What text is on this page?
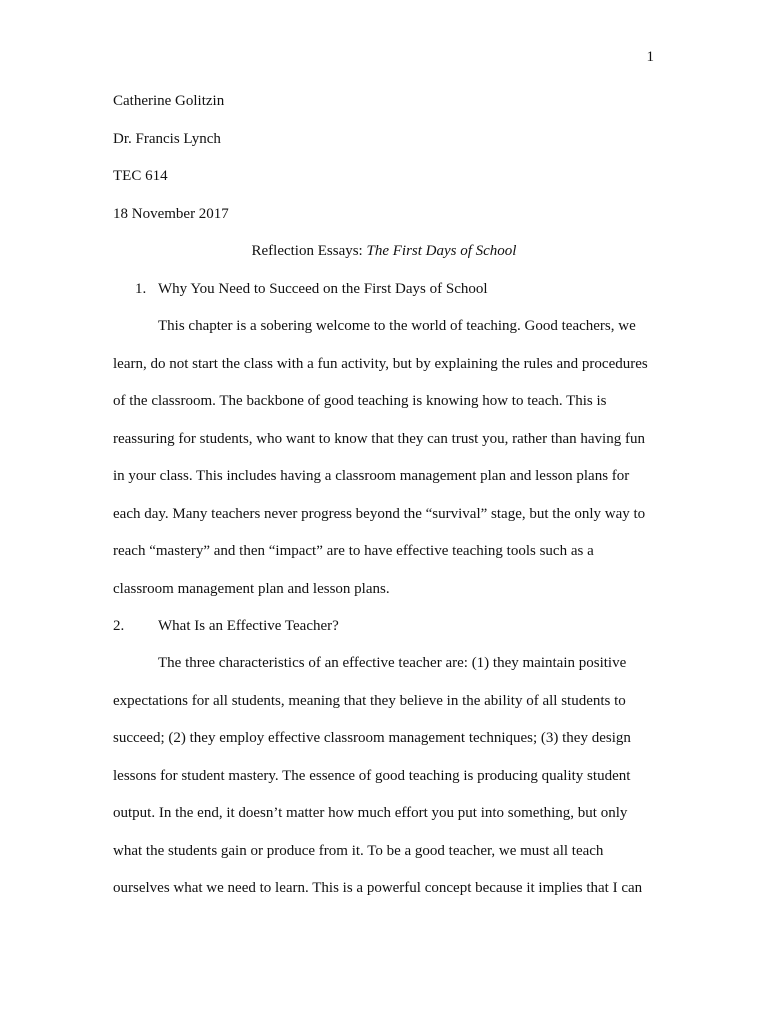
1
Catherine Golitzin
Dr. Francis Lynch
TEC 614
18 November 2017
Reflection Essays: The First Days of School
1. Why You Need to Succeed on the First Days of School
This chapter is a sobering welcome to the world of teaching. Good teachers, we
learn, do not start the class with a fun activity, but by explaining the rules and procedures
of the classroom. The backbone of good teaching is knowing how to teach. This is
reassuring for students, who want to know that they can trust you, rather than having fun
in your class. This includes having a classroom management plan and lesson plans for
each day. Many teachers never progress beyond the “survival” stage, but the only way to
reach “mastery” and then “impact” are to have effective teaching tools such as a
classroom management plan and lesson plans.
2. What Is an Effective Teacher?
The three characteristics of an effective teacher are: (1) they maintain positive
expectations for all students, meaning that they believe in the ability of all students to
succeed; (2) they employ effective classroom management techniques; (3) they design
lessons for student mastery. The essence of good teaching is producing quality student
output. In the end, it doesn’t matter how much effort you put into something, but only
what the students gain or produce from it. To be a good teacher, we must all teach
ourselves what we need to learn. This is a powerful concept because it implies that I can
